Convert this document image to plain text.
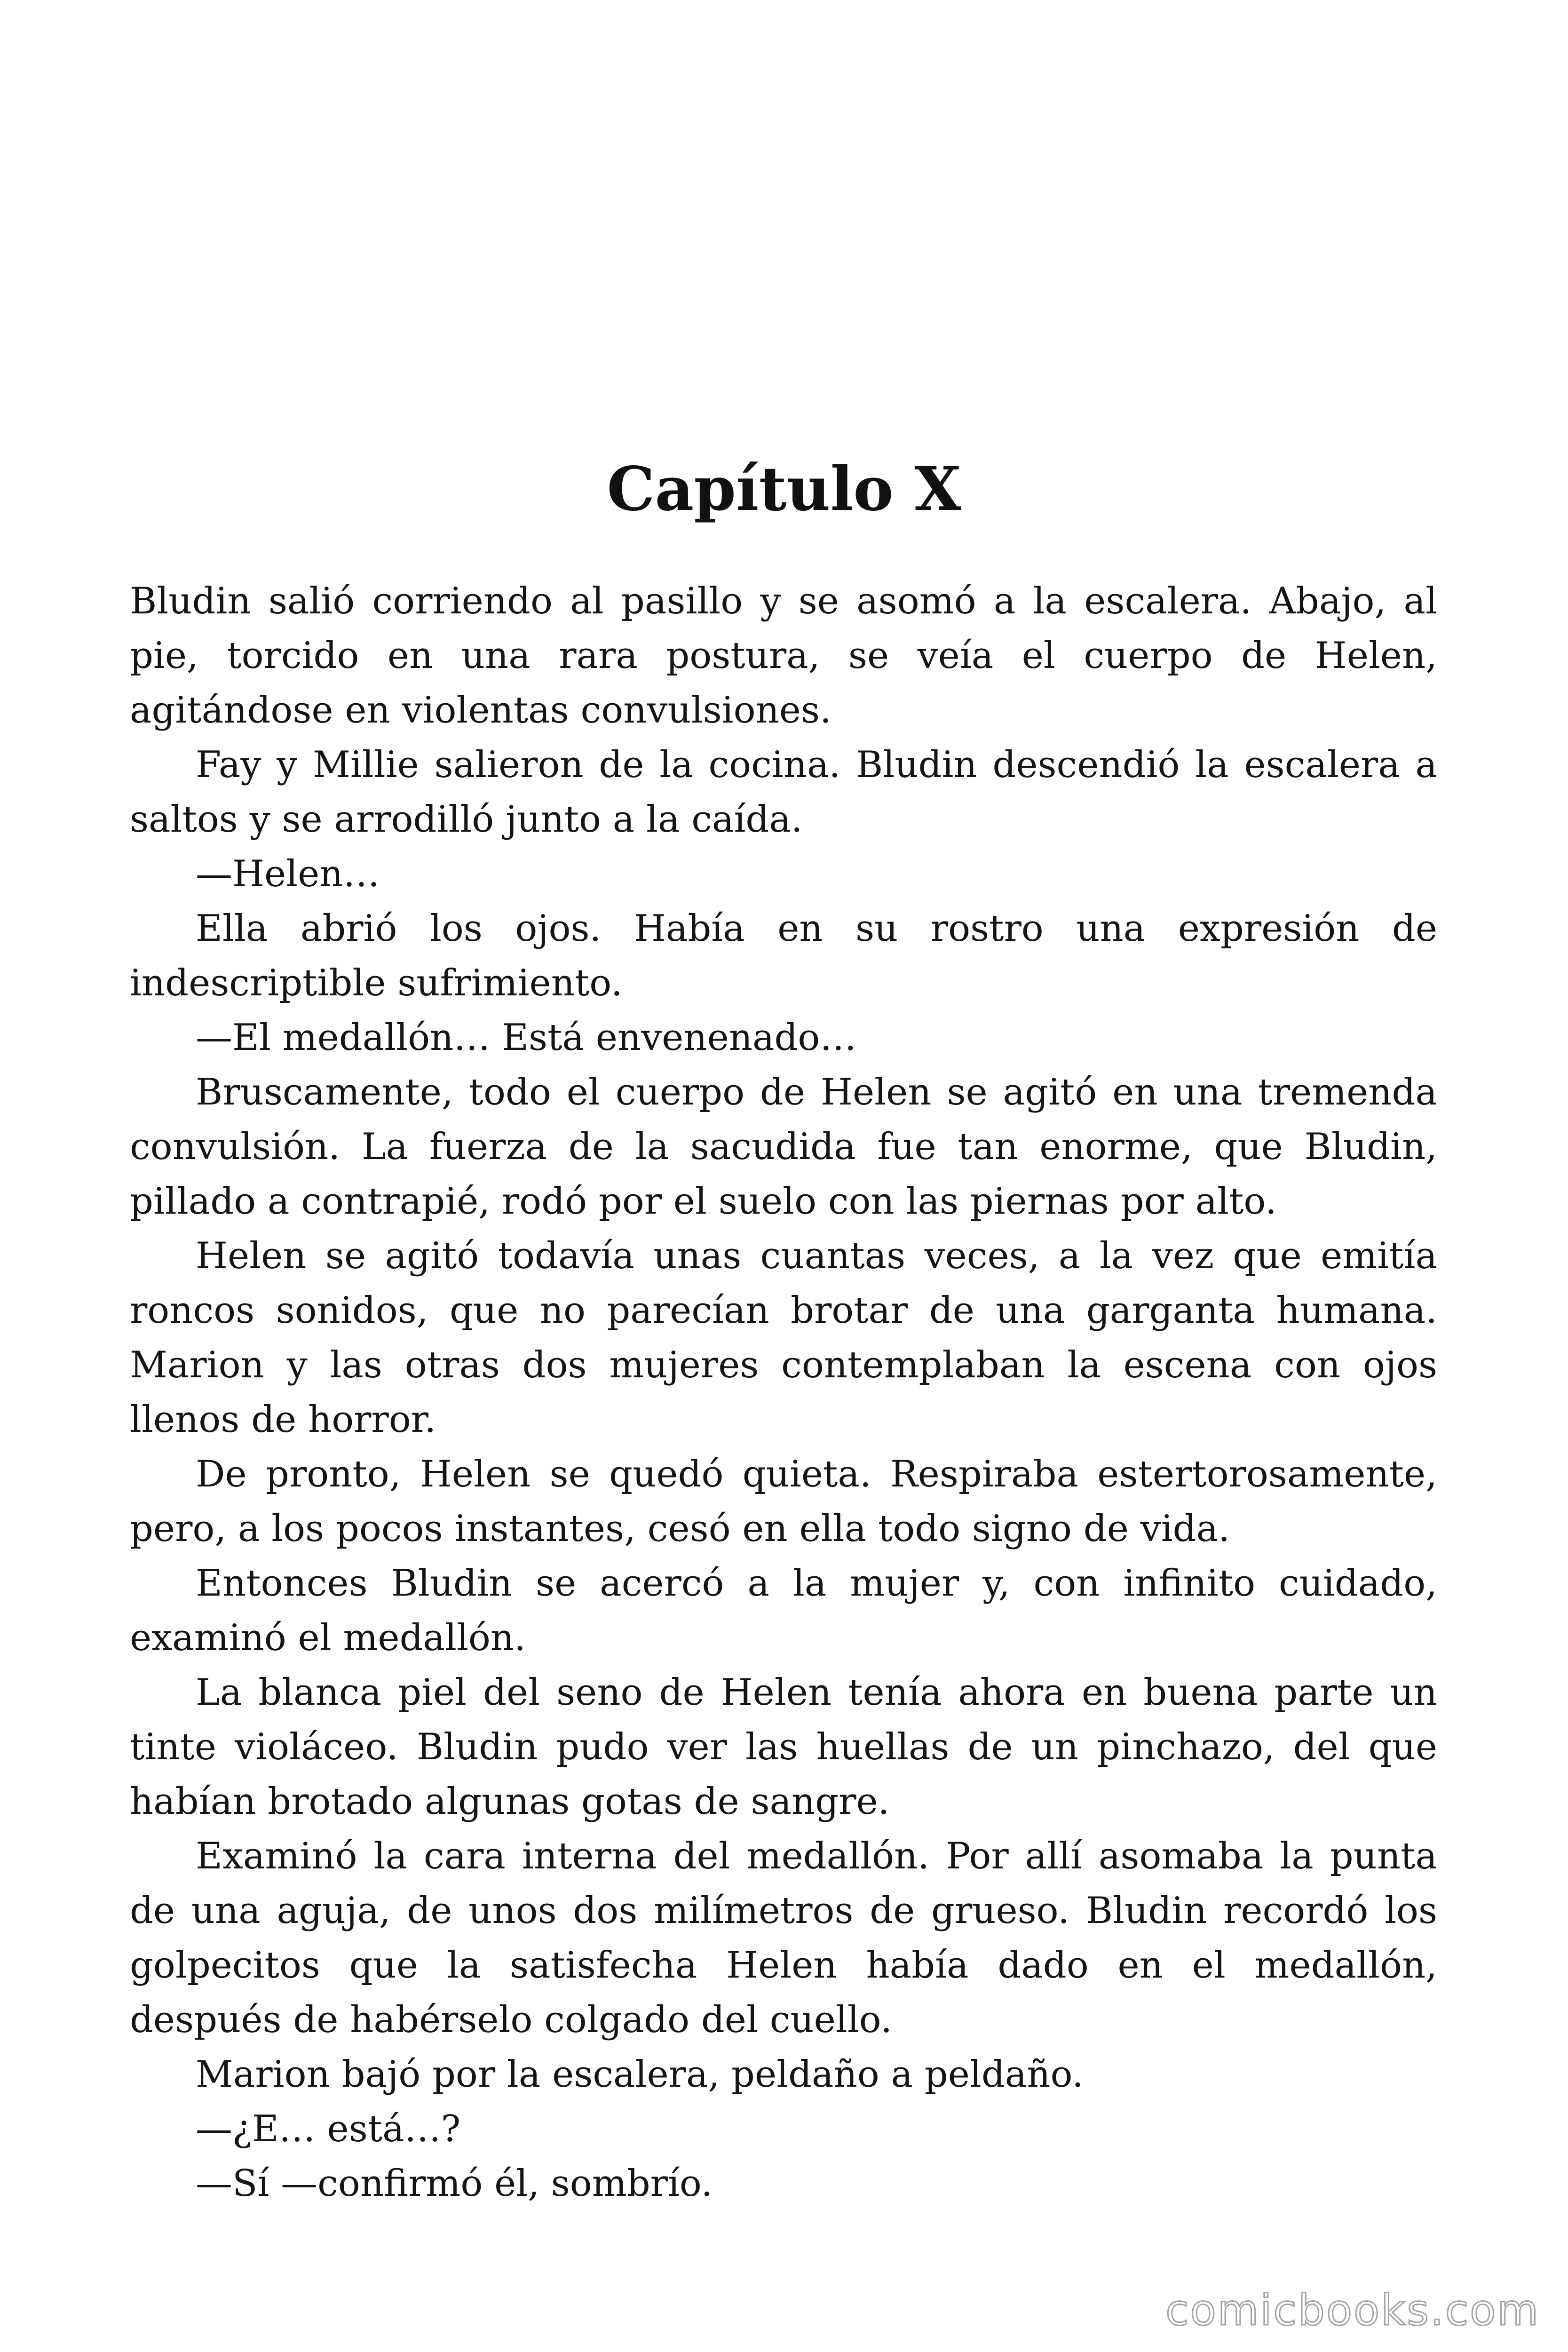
Capítulo X

Bludin salió corriendo al pasillo y se asomó a la escalera. Abajo, al pie, torcido en una rara postura, se veía el cuerpo de Helen, agitándose en violentas convulsiones.

Fay y Millie salieron de la cocina. Bludin descendió la escalera a saltos y se arrodilló junto a la caída.

—Helen…

Ella abrió los ojos. Había en su rostro una expresión de indescriptible sufrimiento.

—El medallón… Está envenenado…

Bruscamente, todo el cuerpo de Helen se agitó en una tremenda convulsión. La fuerza de la sacudida fue tan enorme, que Bludin, pillado a contrapié, rodó por el suelo con las piernas por alto.

Helen se agitó todavía unas cuantas veces, a la vez que emitía roncos sonidos, que no parecían brotar de una garganta humana. Marion y las otras dos mujeres contemplaban la escena con ojos llenos de horror.

De pronto, Helen se quedó quieta. Respiraba estertorosamente, pero, a los pocos instantes, cesó en ella todo signo de vida.

Entonces Bludin se acercó a la mujer y, con infinito cuidado, examinó el medallón.

La blanca piel del seno de Helen tenía ahora en buena parte un tinte violáceo. Bludin pudo ver las huellas de un pinchazo, del que habían brotado algunas gotas de sangre.

Examinó la cara interna del medallón. Por allí asomaba la punta de una aguja, de unos dos milímetros de grueso. Bludin recordó los golpecitos que la satisfecha Helen había dado en el medallón, después de habérselo colgado del cuello.

Marion bajó por la escalera, peldaño a peldaño.

—¿E… está…?

—Sí —confirmó él, sombrío.

comicbooks.com
